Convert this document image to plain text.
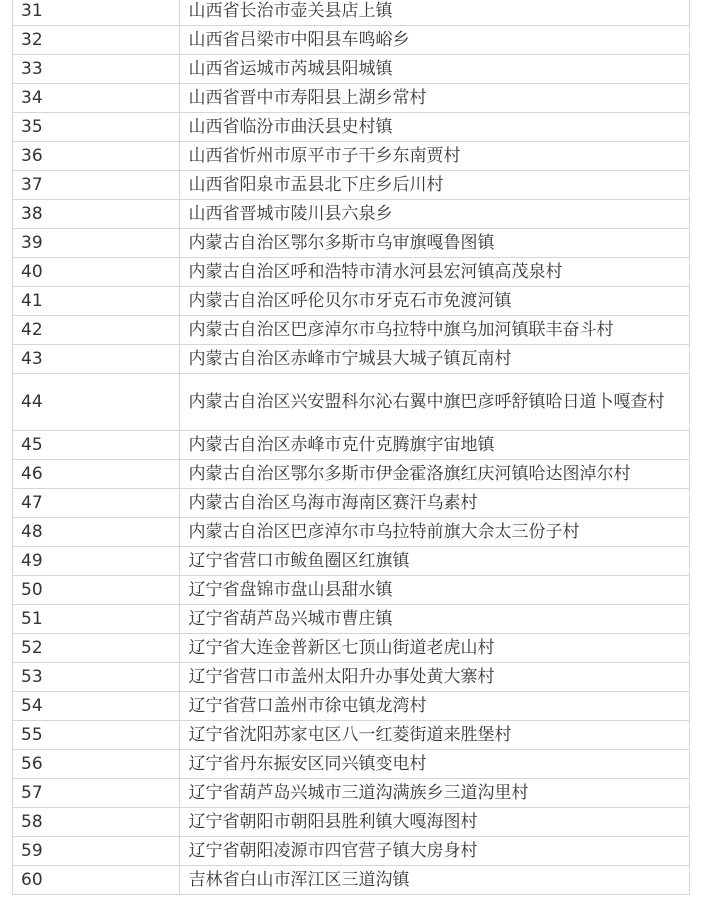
31	山西省长治市壶关县店上镇
32	山西省吕梁市中阳县车鸣峪乡
33	山西省运城市芮城县阳城镇
34	山西省晋中市寿阳县上湖乡常村
35	山西省临汾市曲沃县史村镇
36	山西省忻州市原平市子干乡东南贾村
37	山西省阳泉市盂县北下庄乡后川村
38	山西省晋城市陵川县六泉乡
39	内蒙古自治区鄂尔多斯市乌审旗嘎鲁图镇
40	内蒙古自治区呼和浩特市清水河县宏河镇高茂泉村
41	内蒙古自治区呼伦贝尔市牙克石市免渡河镇
42	内蒙古自治区巴彦淖尔市乌拉特中旗乌加河镇联丰奋斗村
43	内蒙古自治区赤峰市宁城县大城子镇瓦南村
44	内蒙古自治区兴安盟科尔沁右翼中旗巴彦呼舒镇哈日道卜嘎查村
45	内蒙古自治区赤峰市克什克腾旗宇宙地镇
46	内蒙古自治区鄂尔多斯市伊金霍洛旗红庆河镇哈达图淖尔村
47	内蒙古自治区乌海市海南区赛汗乌素村
48	内蒙古自治区巴彦淖尔市乌拉特前旗大佘太三份子村
49	辽宁省营口市鲅鱼圈区红旗镇
50	辽宁省盘锦市盘山县甜水镇
51	辽宁省葫芦岛兴城市曹庄镇
52	辽宁省大连金普新区七顶山街道老虎山村
53	辽宁省营口市盖州太阳升办事处黄大寨村
54	辽宁省营口盖州市徐屯镇龙湾村
55	辽宁省沈阳苏家屯区八一红菱街道来胜堡村
56	辽宁省丹东振安区同兴镇变电村
57	辽宁省葫芦岛兴城市三道沟满族乡三道沟里村
58	辽宁省朝阳市朝阳县胜利镇大嘎海图村
59	辽宁省朝阳凌源市四官营子镇大房身村
60	吉林省白山市浑江区三道沟镇
